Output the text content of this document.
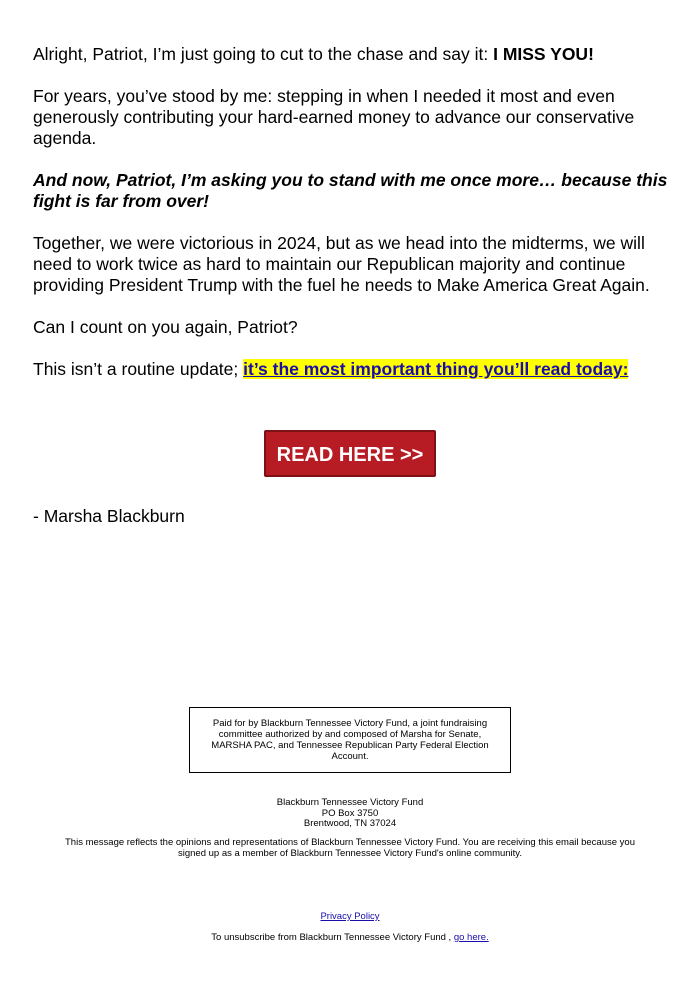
Alright, Patriot, I’m just going to cut to the chase and say it: I MISS YOU!

For years, you’ve stood by me: stepping in when I needed it most and even generously contributing your hard-earned money to advance our conservative agenda.

And now, Patriot, I’m asking you to stand with me once more… because this fight is far from over!

Together, we were victorious in 2024, but as we head into the midterms, we will need to work twice as hard to maintain our Republican majority and continue providing President Trump with the fuel he needs to Make America Great Again.

Can I count on you again, Patriot?

This isn’t a routine update; it’s the most important thing you’ll read today:

READ HERE >>
- Marsha Blackburn
Paid for by Blackburn Tennessee Victory Fund, a joint fundraising committee authorized by and composed of Marsha for Senate, MARSHA PAC, and Tennessee Republican Party Federal Election Account.
Blackburn Tennessee Victory Fund
PO Box 3750
Brentwood, TN 37024
This message reflects the opinions and representations of Blackburn Tennessee Victory Fund. You are receiving this email because you signed up as a member of Blackburn Tennessee Victory Fund's online community.
Privacy Policy
To unsubscribe from Blackburn Tennessee Victory Fund , go here.
